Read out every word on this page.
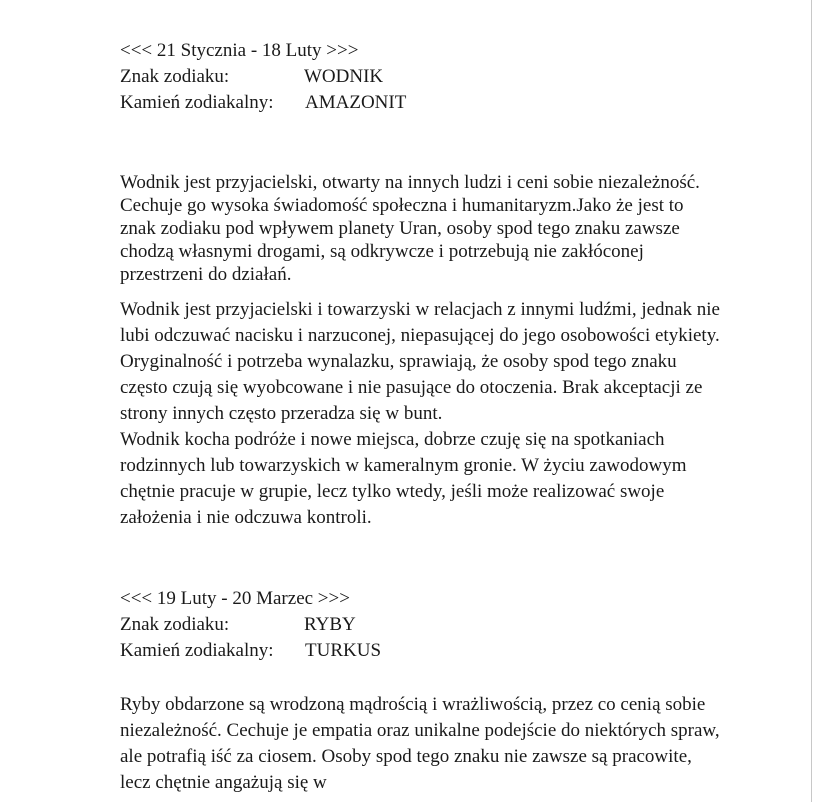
<<< 21 Stycznia - 18 Luty >>>
Znak zodiaku:	WODNIK
Kamień zodiakalny:	AMAZONIT

Wodnik jest przyjacielski, otwarty na innych ludzi i ceni sobie niezależność. Cechuje go wysoka świadomość społeczna i humanitaryzm.Jako że jest to znak zodiaku pod wpływem planety Uran, osoby spod tego znaku zawsze chodzą własnymi drogami, są odkrywcze i potrzebują nie zakłóconej przestrzeni do działań.

Wodnik jest przyjacielski i towarzyski w relacjach z innymi ludźmi, jednak nie lubi odczuwać nacisku i narzuconej, niepasującej do jego osobowości etykiety.

Oryginalność i potrzeba wynalazku, sprawiają, że osoby spod tego znaku często czują się wyobcowane i nie pasujące do otoczenia. Brak akceptacji ze strony innych często przeradza się w bunt.

Wodnik kocha podróże i nowe miejsca, dobrze czuję się na spotkaniach rodzinnych lub towarzyskich w kameralnym gronie. W życiu zawodowym chętnie pracuje w grupie, lecz tylko wtedy, jeśli może realizować swoje założenia i nie odczuwa kontroli.

<<< 19 Luty - 20 Marzec >>>
Znak zodiaku:	RYBY
Kamień zodiakalny:	TURKUS

Ryby obdarzone są wrodzoną mądrością i wrażliwością, przez co cenią sobie niezależność. Cechuje je empatia oraz unikalne podejście do niektórych spraw, ale potrafią iść za ciosem. Osoby spod tego znaku nie zawsze są pracowite, lecz chętnie angażują się w
